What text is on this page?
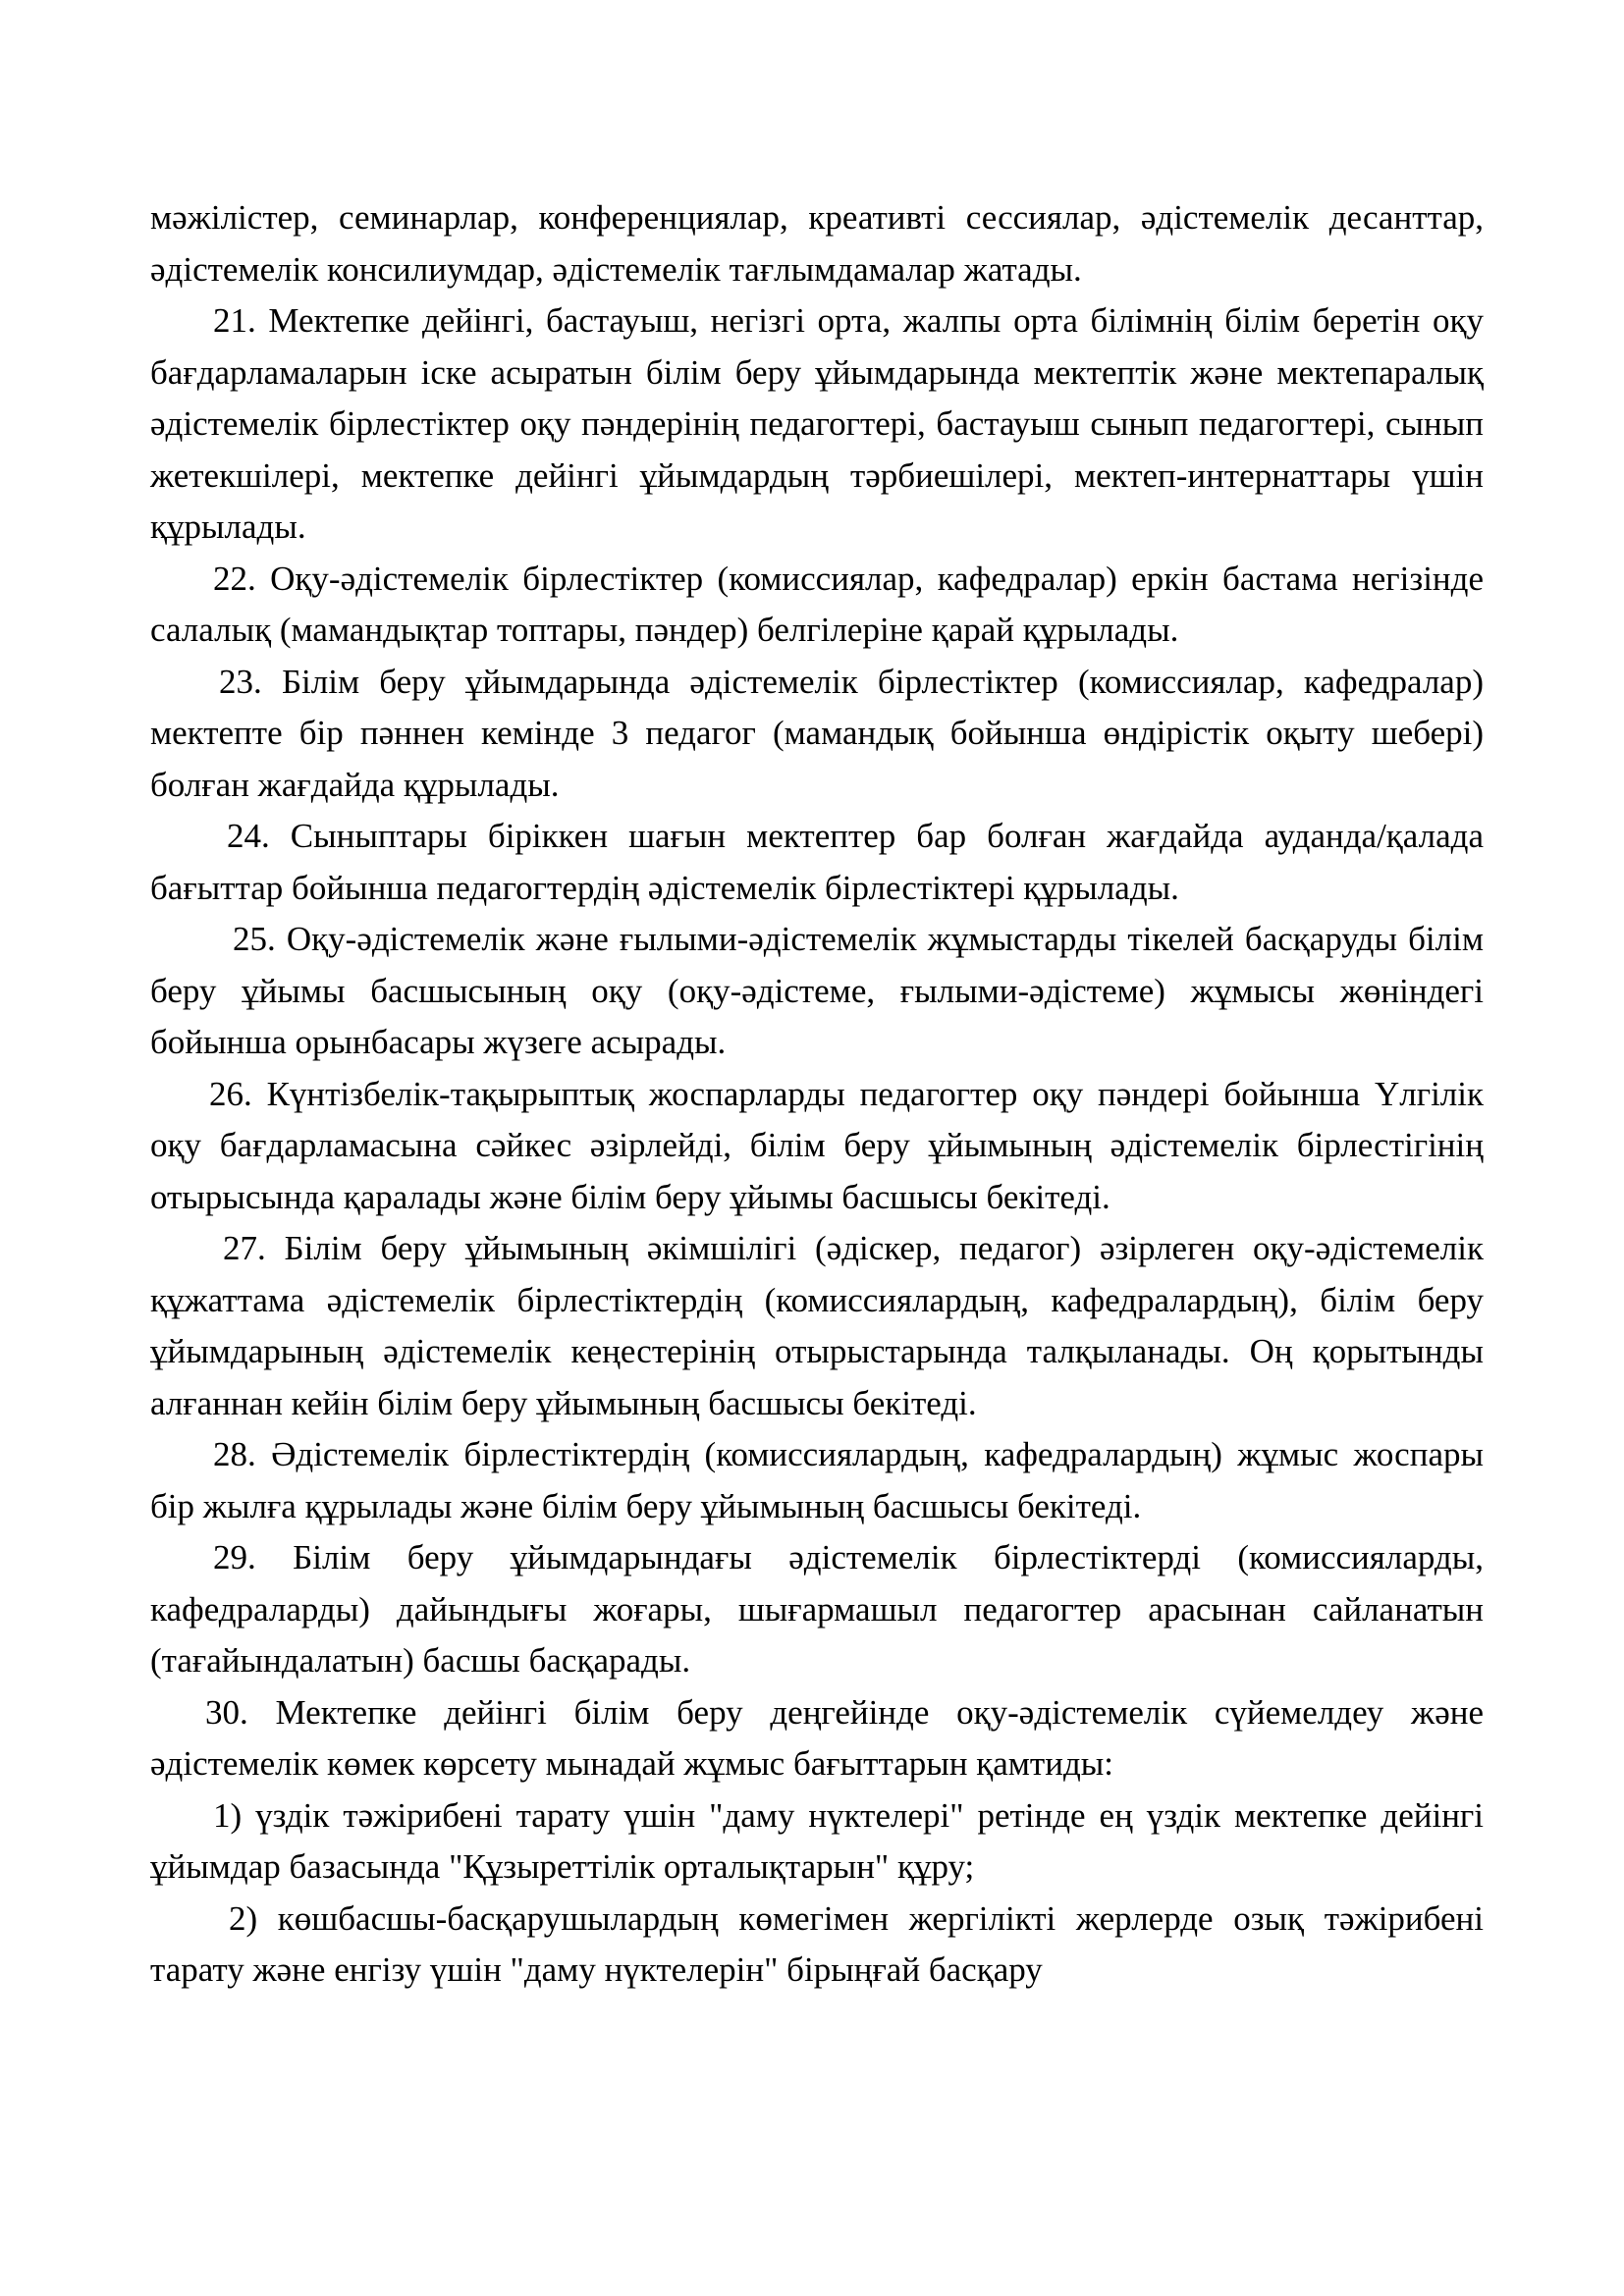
мәжілістер, семинарлар, конференциялар, креативті сессиялар, әдістемелік десанттар, әдістемелік консилиумдар, әдістемелік тағлымдамалар жатады.

21. Мектепке дейінгі, бастауыш, негізгі орта, жалпы орта білімнің білім беретін оқу бағдарламаларын іске асыратын білім беру ұйымдарында мектептік және мектепаралық әдістемелік бірлестіктер оқу пәндерінің педагогтері, бастауыш сынып педагогтері, сынып жетекшілері, мектепке дейінгі ұйымдардың тәрбиешілері, мектеп-интернаттары үшін құрылады.

22. Оқу-әдістемелік бірлестіктер (комиссиялар, кафедралар) еркін бастама негізінде салалық (мамандықтар топтары, пәндер) белгілеріне қарай құрылады.

23. Білім беру ұйымдарында әдістемелік бірлестіктер (комиссиялар, кафедралар) мектепте бір пәннен кемінде 3 педагог (мамандық бойынша өндірістік оқыту шебері) болған жағдайда құрылады.

24. Сыныптары біріккен шағын мектептер бар болған жағдайда ауданда/қалада бағыттар бойынша педагогтердің әдістемелік бірлестіктері құрылады.

25. Оқу-әдістемелік және ғылыми-әдістемелік жұмыстарды тікелей басқаруды білім беру ұйымы басшысының оқу (оқу-әдістеме, ғылыми-әдістеме) жұмысы жөніндегі бойынша орынбасары жүзеге асырады.

26. Күнтізбелік-тақырыптық жоспарларды педагогтер оқу пәндері бойынша Үлгілік оқу бағдарламасына сәйкес әзірлейді, білім беру ұйымының әдістемелік бірлестігінің отырысында қаралады және білім беру ұйымы басшысы бекітеді.

27. Білім беру ұйымының әкімшілігі (әдіскер, педагог) әзірлеген оқу-әдістемелік құжаттама әдістемелік бірлестіктердің (комиссиялардың, кафедралардың), білім беру ұйымдарының әдістемелік кеңестерінің отырыстарында талқыланады. Оң қорытынды алғаннан кейін білім беру ұйымының басшысы бекітеді.

28. Әдістемелік бірлестіктердің (комиссиялардың, кафедралардың) жұмыс жоспары бір жылға құрылады және білім беру ұйымының басшысы бекітеді.

29. Білім беру ұйымдарындағы әдістемелік бірлестіктерді (комиссияларды, кафедраларды) дайындығы жоғары, шығармашыл педагогтер арасынан сайланатын (тағайындалатын) басшы басқарады.

30. Мектепке дейінгі білім беру деңгейінде оқу-әдістемелік сүйемелдеу және әдістемелік көмек көрсету мынадай жұмыс бағыттарын қамтиды:

1) үздік тәжірибені тарату үшін "даму нүктелері" ретінде ең үздік мектепке дейінгі ұйымдар базасында "Құзыреттілік орталықтарын" құру;

2) көшбасшы-басқарушылардың көмегімен жергілікті жерлерде озық тәжірибені тарату және енгізу үшін "даму нүктелерін" бірыңғай басқару
